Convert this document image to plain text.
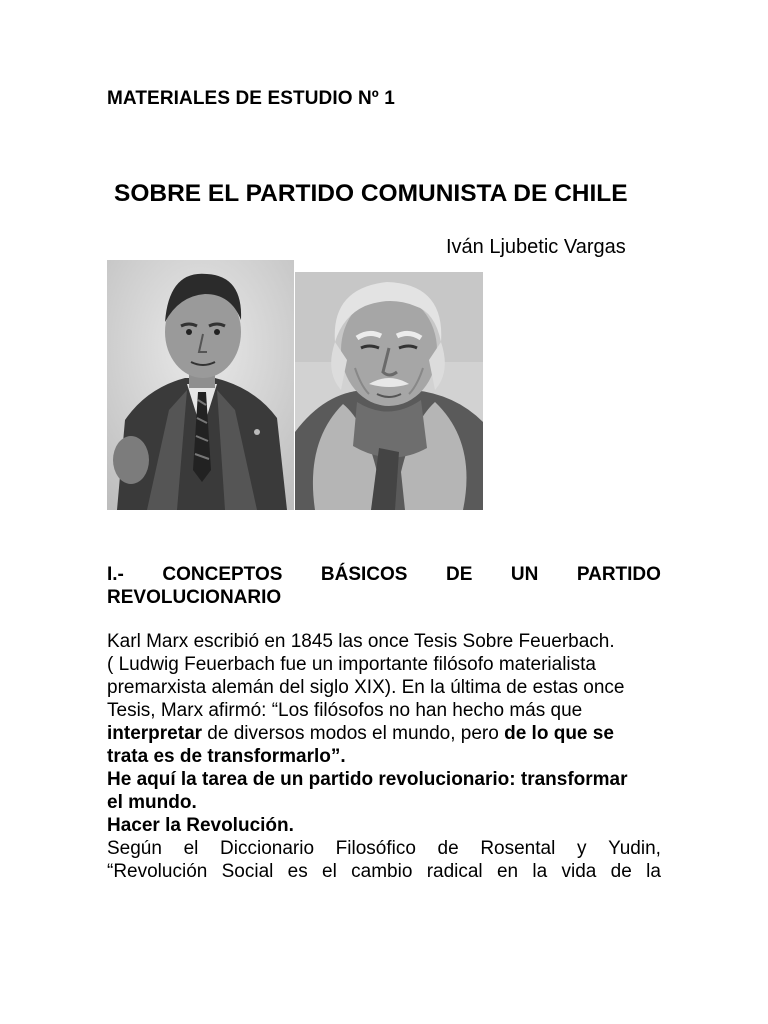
MATERIALES DE ESTUDIO Nº 1
SOBRE EL PARTIDO COMUNISTA DE CHILE
Iván Ljubetic Vargas
I.- CONCEPTOS BÁSICOS DE UN PARTIDO
REVOLUCIONARIO
Karl Marx escribió en 1845 las once Tesis Sobre Feuerbach.
( Ludwig Feuerbach fue un importante filósofo materialista
premarxista alemán del siglo XIX). En la última de estas once
Tesis, Marx afirmó: “Los filósofos no han hecho más que
interpretar de diversos modos el mundo, pero de lo que se
trata es de transformarlo”.
He aquí la tarea de un partido revolucionario: transformar
el mundo.
Hacer la Revolución.
Según el Diccionario Filosófico de Rosental y Yudin,
“Revolución Social es el cambio radical en la vida de la
